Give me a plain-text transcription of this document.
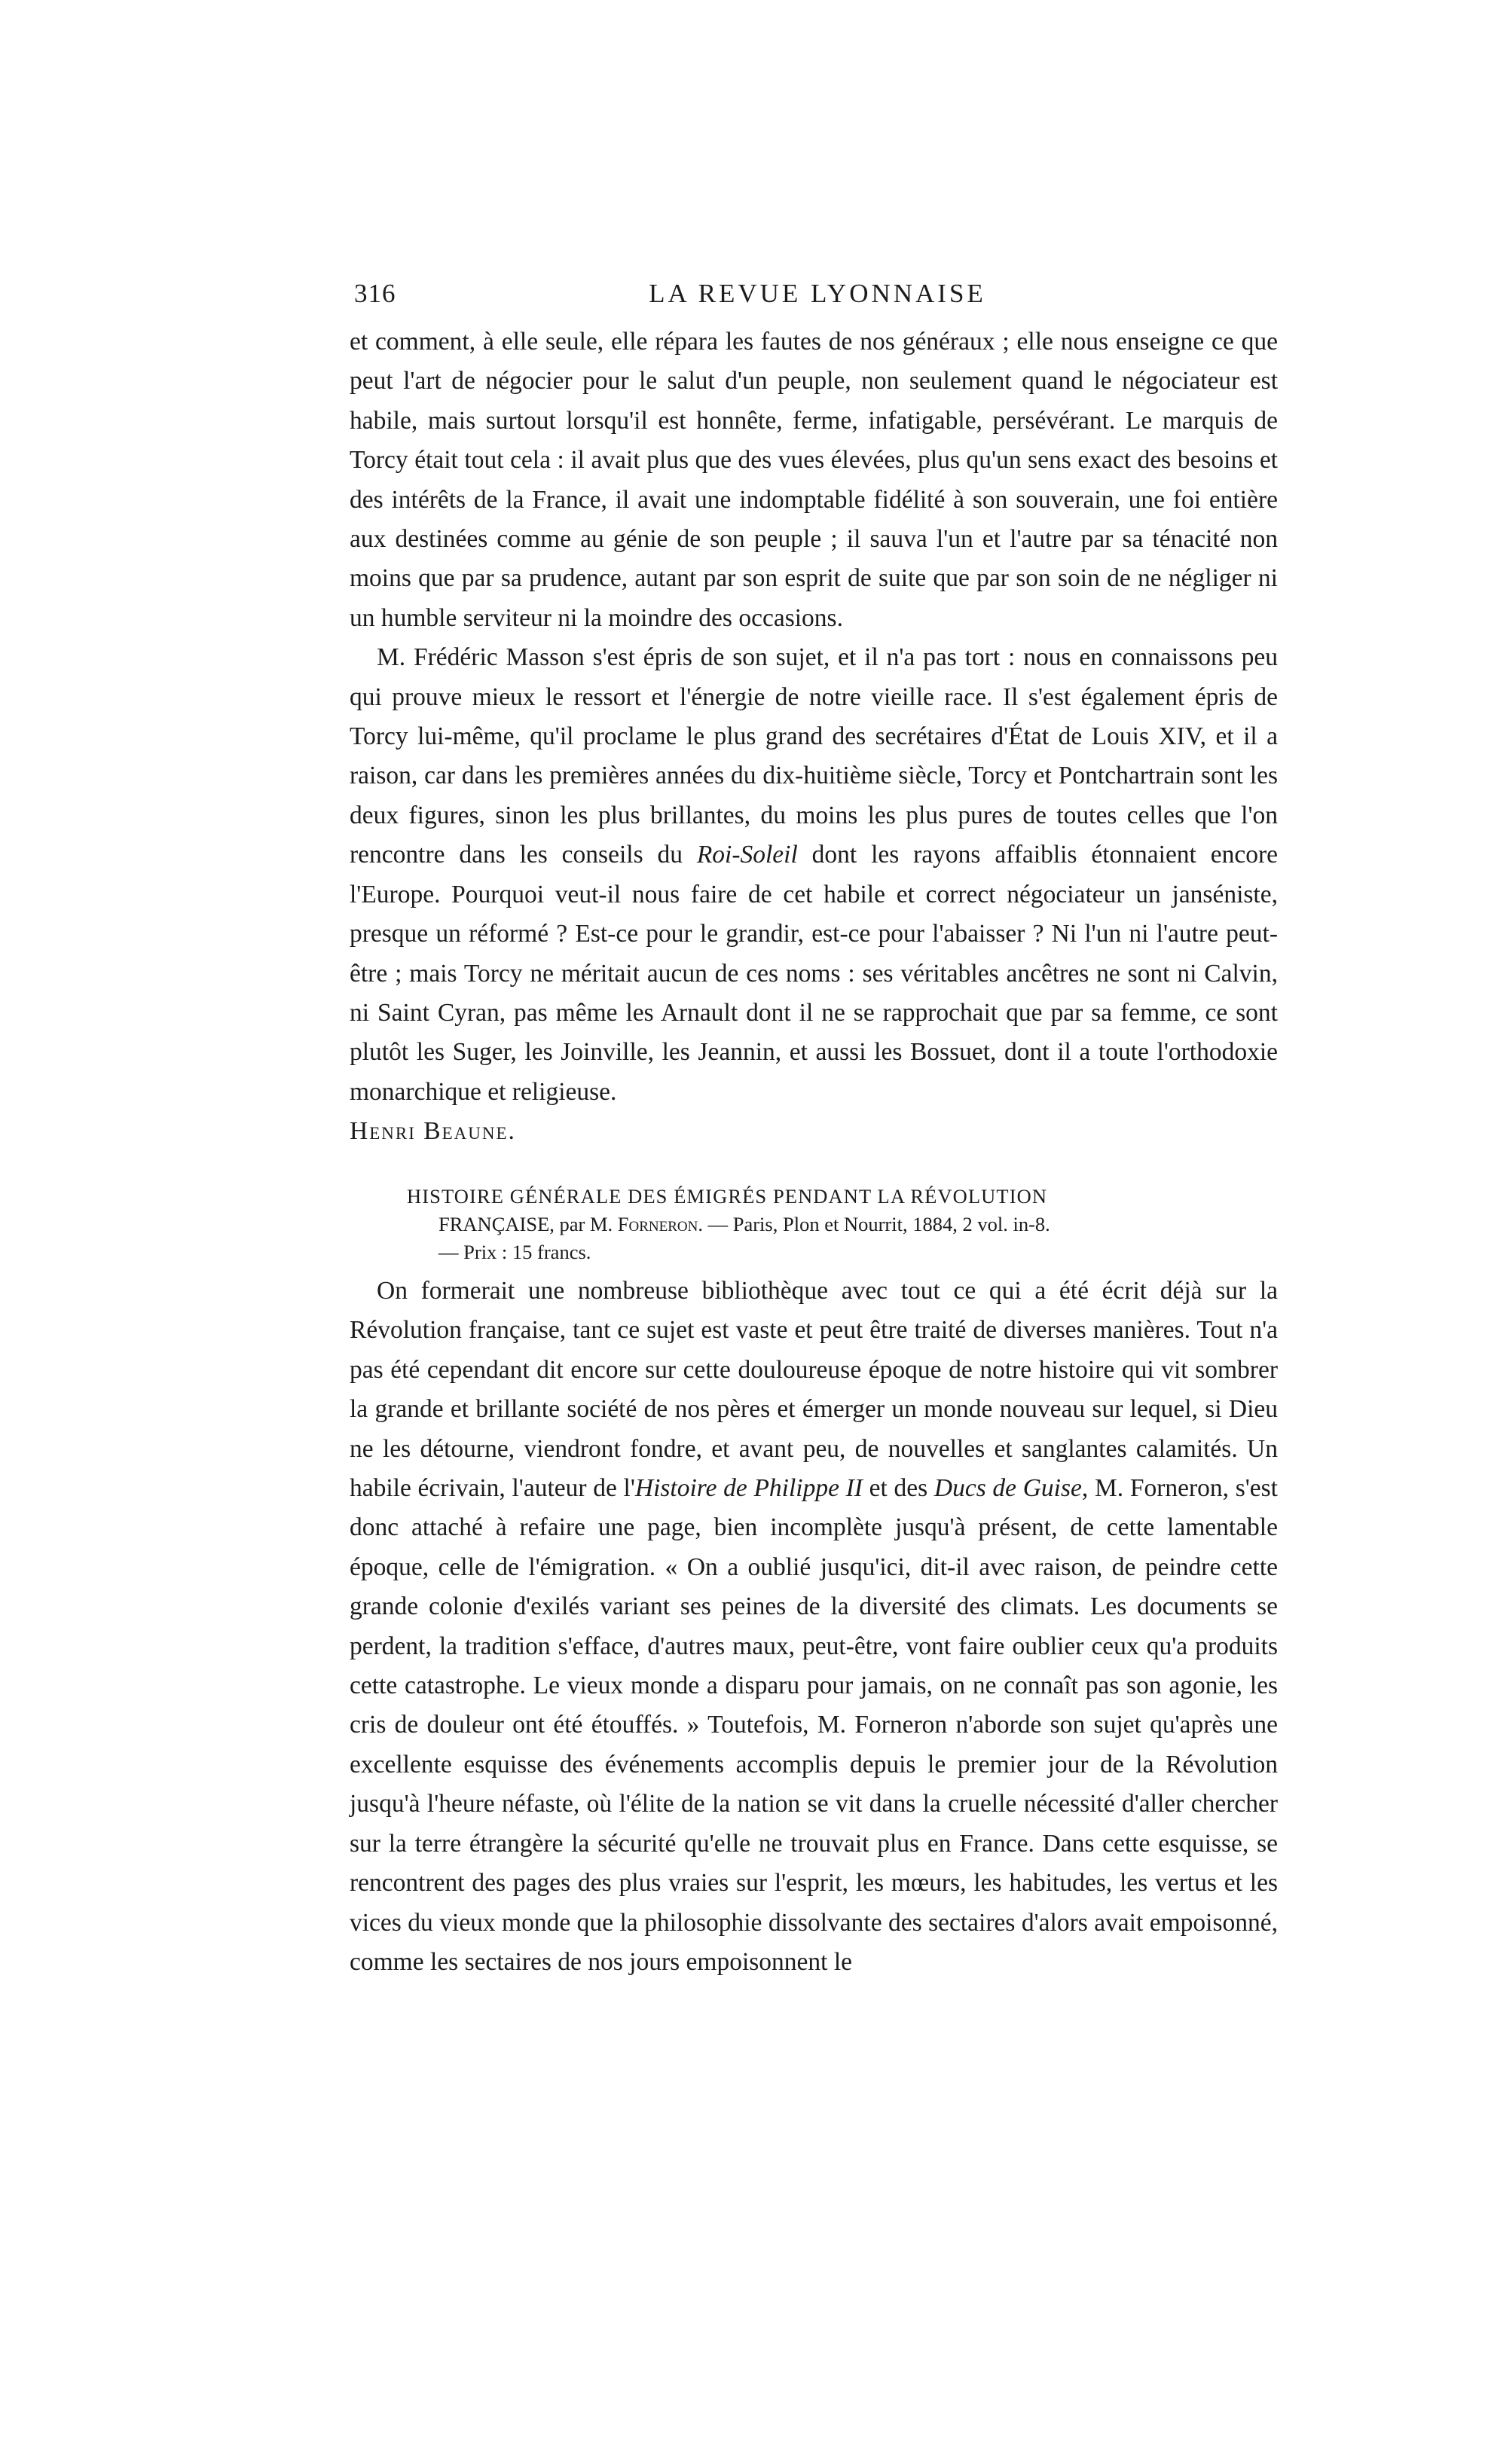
316	LA REVUE LYONNAISE

et comment, à elle seule, elle répara les fautes de nos généraux ; elle nous enseigne ce que peut l'art de négocier pour le salut d'un peuple, non seulement quand le négociateur est habile, mais surtout lorsqu'il est honnête, ferme, infatigable, persévérant. Le marquis de Torcy était tout cela : il avait plus que des vues élevées, plus qu'un sens exact des besoins et des intérêts de la France, il avait une indomptable fidélité à son souverain, une foi entière aux destinées comme au génie de son peuple ; il sauva l'un et l'autre par sa ténacité non moins que par sa prudence, autant par son esprit de suite que par son soin de ne négliger ni un humble serviteur ni la moindre des occasions.

M. Frédéric Masson s'est épris de son sujet, et il n'a pas tort : nous en connaissons peu qui prouve mieux le ressort et l'énergie de notre vieille race. Il s'est également épris de Torcy lui-même, qu'il proclame le plus grand des secrétaires d'État de Louis XIV, et il a raison, car dans les premières années du dix-huitième siècle, Torcy et Pontchartrain sont les deux figures, sinon les plus brillantes, du moins les plus pures de toutes celles que l'on rencontre dans les conseils du Roi-Soleil dont les rayons affaiblis étonnaient encore l'Europe. Pourquoi veut-il nous faire de cet habile et correct négociateur un janséniste, presque un réformé ? Est-ce pour le grandir, est-ce pour l'abaisser ? Ni l'un ni l'autre peut-être ; mais Torcy ne méritait aucun de ces noms : ses véritables ancêtres ne sont ni Calvin, ni Saint Cyran, pas même les Arnault dont il ne se rapprochait que par sa femme, ce sont plutôt les Suger, les Joinville, les Jeannin, et aussi les Bossuet, dont il a toute l'orthodoxie monarchique et religieuse.

Henri Beaune.

HISTOIRE GÉNÉRALE DES ÉMIGRÉS PENDANT LA RÉVOLUTION
FRANÇAISE, par M. Forneron. — Paris, Plon et Nourrit, 1884, 2 vol. in-8.
— Prix : 15 francs.

On formerait une nombreuse bibliothèque avec tout ce qui a été écrit déjà sur la Révolution française, tant ce sujet est vaste et peut être traité de diverses manières. Tout n'a pas été cependant dit encore sur cette douloureuse époque de notre histoire qui vit sombrer la grande et brillante société de nos pères et émerger un monde nouveau sur lequel, si Dieu ne les détourne, viendront fondre, et avant peu, de nouvelles et sanglantes calamités. Un habile écrivain, l'auteur de l'Histoire de Philippe II et des Ducs de Guise, M. Forneron, s'est donc attaché à refaire une page, bien incomplète jusqu'à présent, de cette lamentable époque, celle de l'émigration. « On a oublié jusqu'ici, dit-il avec raison, de peindre cette grande colonie d'exilés variant ses peines de la diversité des climats. Les documents se perdent, la tradition s'efface, d'autres maux, peut-être, vont faire oublier ceux qu'a produits cette catastrophe. Le vieux monde a disparu pour jamais, on ne connaît pas son agonie, les cris de douleur ont été étouffés. » Toutefois, M. Forneron n'aborde son sujet qu'après une excellente esquisse des événements accomplis depuis le premier jour de la Révolution jusqu'à l'heure néfaste, où l'élite de la nation se vit dans la cruelle nécessité d'aller chercher sur la terre étrangère la sécurité qu'elle ne trouvait plus en France. Dans cette esquisse, se rencontrent des pages des plus vraies sur l'esprit, les mœurs, les habitudes, les vertus et les vices du vieux monde que la philosophie dissolvante des sectaires d'alors avait empoisonné, comme les sectaires de nos jours empoisonnent le
